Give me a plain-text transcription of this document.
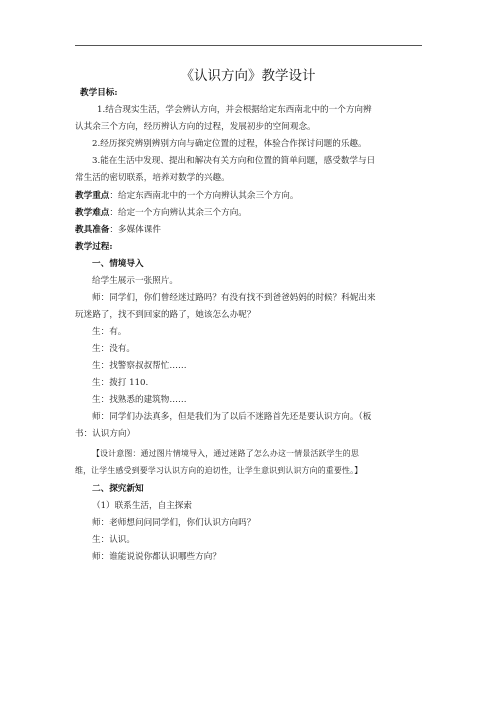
《认识方向》教学设计
教学目标:
1.结合现实生活，学会辨认方向，并会根据给定东西南北中的一个方向辨
认其余三个方向，经历辨认方向的过程，发展初步的空间观念。
2.经历探究辨别辨别方向与确定位置的过程，体验合作探讨问题的乐趣。
3.能在生活中发现、提出和解决有关方向和位置的简单问题，感受数学与日
常生活的密切联系，培养对数学的兴趣。
教学重点：给定东西南北中的一个方向辨认其余三个方向。
教学难点：给定一个方向辨认其余三个方向。
教具准备：多媒体课件
教学过程:
一、情境导入
给学生展示一张照片。
师：同学们，你们曾经迷过路吗？有没有找不到爸爸妈妈的时候？科妮出来
玩迷路了，找不到回家的路了，她该怎么办呢？
生：有。
生：没有。
生：找警察叔叔帮忙……
生：拨打 110.
生：找熟悉的建筑物……
师：同学们办法真多，但是我们为了以后不迷路首先还是要认识方向。（板
书：认识方向）
【设计意图：通过图片情境导入，通过迷路了怎么办这一情景活跃学生的思
维，让学生感受到要学习认识方向的迫切性，让学生意识到认识方向的重要性。】
二、探究新知
（1）联系生活，自主探索
师：老师想问问同学们，你们认识方向吗？
生：认识。
师：谁能说说你都认识哪些方向？
